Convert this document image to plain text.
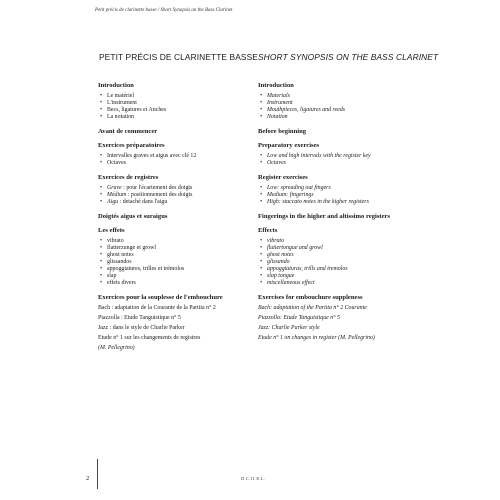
Petit précis de clarinette basse / Short Synopsis on the Bass Clarinet
PETIT PRÉCIS DE CLARINETTE BASSE
Introduction
• Le matériel
• L'instrument
• Becs, ligatures et Anches
• La notation
Avant de commencer
Exercices préparatoires
• Intervalles graves et aigus avec clé 12
• Octaves
Exercices de registres
• Grave : pour l'écartement des doigts
• Médium : positionnement des doigts
• Aigu : detaché dans l'aigu
Doigtés aigus et suraigus
Les effets
• vibrato
• flatterzunge et growl
• ghost notes
• glissandos
• appoggiatures, trilles et trémolos
• slap
• effets divers
Exercices pour la souplesse de l'embouchure

Bach : adaptation de la Courante de la Partita n° 2

Piazzolla : Etude Tanguistique n° 5

Jazz : dans le style de Charlie Parker

Etude n° 1 sur les changements de registres

(M. Pellegrino)

SHORT SYNOPSIS ON THE BASS CLARINET
Introduction
• Materials
• Instrument
• Mouthpieces, ligatures and reeds
• Notation
Before beginning
Preparatory exercises
• Low and high intervals with the register key
• Octaves
Register exercises
• Low: spreading out fingers
• Medium: fingerings
• High: staccato notes in the kigher registers
Fingerings in the higher and altissimo registers
Effects
• vibrato
• fluttertongue and growl
• ghost notes
• glissando
• appoggiaturas, trills and tremolos
• slap tongue
• miscellaneous effect
Exercises for embouchure suppleness

Bach: adaptation of the Partita n° 2 Courante

Piazzolla: Etude Tanguistique n° 5

Jazz: Charlie Parker style

Etude n° 1 on changes in register (M. Pellegrino)

2	D.C.11 E.L.
